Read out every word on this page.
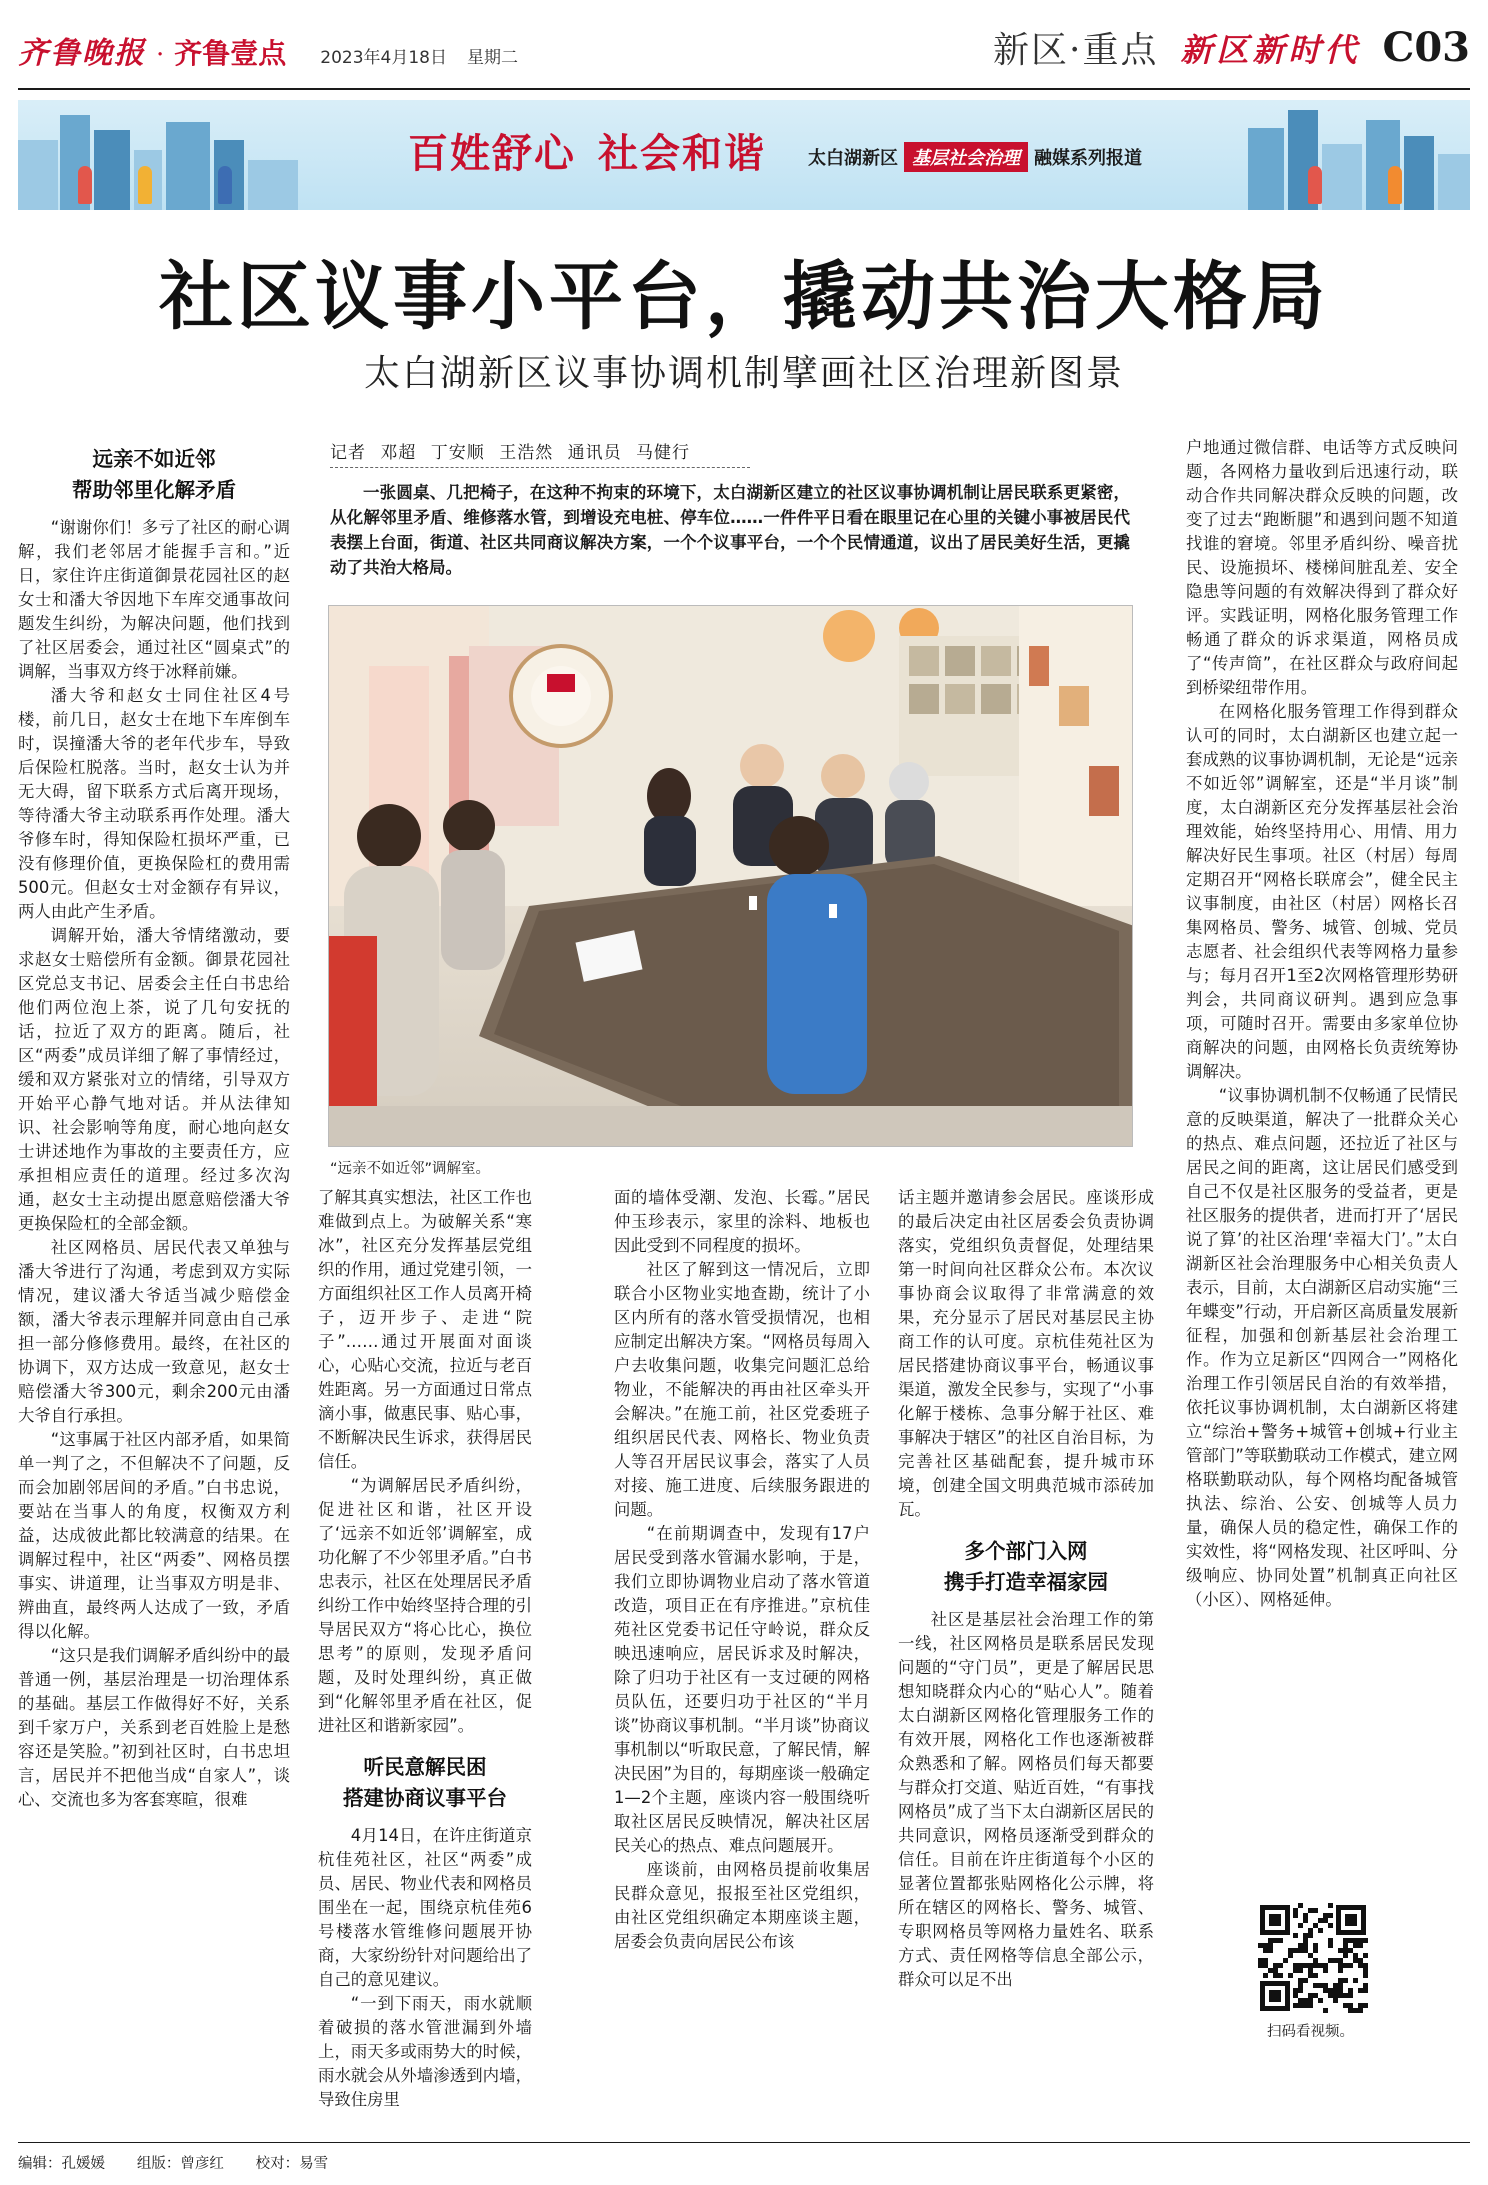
齐鲁晚报 · 齐鲁壹点 2023年4月18日 星期二	新区·重点 新区新时代 C03
百姓舒心 社会和谐 太白湖新区 基层社会治理 融媒系列报道
社区议事小平台，撬动共治大格局
太白湖新区议事协调机制擘画社区治理新图景
远亲不如近邻
帮助邻里化解矛盾

“谢谢你们！多亏了社区的耐心调解，我们老邻居才能握手言和。”近日，家住许庄街道御景花园社区的赵女士和潘大爷因地下车库交通事故问题发生纠纷，为解决问题，他们找到了社区居委会，通过社区“圆桌式”的调解，当事双方终于冰释前嫌。

潘大爷和赵女士同住社区4号楼，前几日，赵女士在地下车库倒车时，误撞潘大爷的老年代步车，导致后保险杠脱落。当时，赵女士认为并无大碍，留下联系方式后离开现场，等待潘大爷主动联系再作处理。潘大爷修车时，得知保险杠损坏严重，已没有修理价值，更换保险杠的费用需500元。但赵女士对金额存有异议，两人由此产生矛盾。

调解开始，潘大爷情绪激动，要求赵女士赔偿所有金额。御景花园社区党总支书记、居委会主任白书忠给他们两位泡上茶，说了几句安抚的话，拉近了双方的距离。随后，社区“两委”成员详细了解了事情经过，缓和双方紧张对立的情绪，引导双方开始平心静气地对话。并从法律知识、社会影响等角度，耐心地向赵女士讲述地作为事故的主要责任方，应承担相应责任的道理。经过多次沟通，赵女士主动提出愿意赔偿潘大爷更换保险杠的全部金额。

社区网格员、居民代表又单独与潘大爷进行了沟通，考虑到双方实际情况，建议潘大爷适当减少赔偿金额，潘大爷表示理解并同意由自己承担一部分修修费用。最终，在社区的协调下，双方达成一致意见，赵女士赔偿潘大爷300元，剩余200元由潘大爷自行承担。

“这事属于社区内部矛盾，如果简单一判了之，不但解决不了问题，反而会加剧邻居间的矛盾。”白书忠说，要站在当事人的角度，权衡双方利益，达成彼此都比较满意的结果。在调解过程中，社区“两委”、网格员摆事实、讲道理，让当事双方明是非、辨曲直，最终两人达成了一致，矛盾得以化解。

“这只是我们调解矛盾纠纷中的最普通一例，基层治理是一切治理体系的基础。基层工作做得好不好，关系到千家万户，关系到老百姓脸上是愁容还是笑脸。”初到社区时，白书忠坦言，居民并不把他当成“自家人”，谈心、交流也多为客套寒暄，很难

记者 邓超 丁安顺 王浩然 通讯员 马健行
一张圆桌、几把椅子，在这种不拘束的环境下，太白湖新区建立的社区议事协调机制让居民联系更紧密，从化解邻里矛盾、维修落水管，到增设充电桩、停车位……一件件平日看在眼里记在心里的关键小事被居民代表摆上台面，街道、社区共同商议解决方案，一个个议事平台，一个个民情通道，议出了居民美好生活，更撬动了共治大格局。
“远亲不如近邻”调解室。

了解其真实想法，社区工作也难做到点上。为破解关系“寒冰”，社区充分发挥基层党组织的作用，通过党建引领，一方面组织社区工作人员离开椅子，迈开步子、走进“院子”……通过开展面对面谈心，心贴心交流，拉近与老百姓距离。另一方面通过日常点滴小事，做惠民事、贴心事，不断解决民生诉求，获得居民信任。

“为调解居民矛盾纠纷，促进社区和谐，社区开设了‘远亲不如近邻’调解室，成功化解了不少邻里矛盾。”白书忠表示，社区在处理居民矛盾纠纷工作中始终坚持合理的引导居民双方“将心比心，换位思考”的原则，发现矛盾问题，及时处理纠纷，真正做到“化解邻里矛盾在社区，促进社区和谐新家园”。

听民意解民困
搭建协商议事平台

4月14日，在许庄街道京杭佳苑社区，社区“两委”成员、居民、物业代表和网格员围坐在一起，围绕京杭佳苑6号楼落水管维修问题展开协商，大家纷纷针对问题给出了自己的意见建议。

“一到下雨天，雨水就顺着破损的落水管泄漏到外墙上，雨天多或雨势大的时候，雨水就会从外墙渗透到内墙，导致住房里

面的墙体受潮、发泡、长霉。”居民仲玉珍表示，家里的涂料、地板也因此受到不同程度的损坏。

社区了解到这一情况后，立即联合小区物业实地查勘，统计了小区内所有的落水管受损情况，也相应制定出解决方案。“网格员每周入户去收集问题，收集完问题汇总给物业，不能解决的再由社区牵头开会解决。”在施工前，社区党委班子组织居民代表、网格长、物业负责人等召开居民议事会，落实了人员对接、施工进度、后续服务跟进的问题。

“在前期调查中，发现有17户居民受到落水管漏水影响，于是，我们立即协调物业启动了落水管道改造，项目正在有序推进。”京杭佳苑社区党委书记任守岭说，群众反映迅速响应，居民诉求及时解决，除了归功于社区有一支过硬的网格员队伍，还要归功于社区的“半月谈”协商议事机制。“半月谈”协商议事机制以“听取民意，了解民情，解决民困”为目的，每期座谈一般确定1—2个主题，座谈内容一般围绕听取社区居民反映情况，解决社区居民关心的热点、难点问题展开。

座谈前，由网格员提前收集居民群众意见，报报至社区党组织，由社区党组织确定本期座谈主题，居委会负责向居民公布该

话主题并邀请参会居民。座谈形成的最后决定由社区居委会负责协调落实，党组织负责督促，处理结果第一时间向社区群众公布。本次议事协商会议取得了非常满意的效果，充分显示了居民对基层民主协商工作的认可度。京杭佳苑社区为居民搭建协商议事平台，畅通议事渠道，激发全民参与，实现了“小事化解于楼栋、急事分解于社区、难事解决于辖区”的社区自治目标，为完善社区基础配套，提升城市环境，创建全国文明典范城市添砖加瓦。

多个部门入网
携手打造幸福家园

社区是基层社会治理工作的第一线，社区网格员是联系居民发现问题的“守门员”，更是了解居民思想知晓群众内心的“贴心人”。随着太白湖新区网格化管理服务工作的有效开展，网格化工作也逐渐被群众熟悉和了解。网格员们每天都要与群众打交道、贴近百姓，“有事找网格员”成了当下太白湖新区居民的共同意识，网格员逐渐受到群众的信任。目前在许庄街道每个小区的显著位置都张贴网格化公示牌，将所在辖区的网格长、警务、城管、专职网格员等网格力量姓名、联系方式、责任网格等信息全部公示，群众可以足不出

户地通过微信群、电话等方式反映问题，各网格力量收到后迅速行动，联动合作共同解决群众反映的问题，改变了过去“跑断腿”和遇到问题不知道找谁的窘境。邻里矛盾纠纷、噪音扰民、设施损坏、楼梯间脏乱差、安全隐患等问题的有效解决得到了群众好评。实践证明，网格化服务管理工作畅通了群众的诉求渠道，网格员成了“传声筒”，在社区群众与政府间起到桥梁纽带作用。

在网格化服务管理工作得到群众认可的同时，太白湖新区也建立起一套成熟的议事协调机制，无论是“远亲不如近邻”调解室，还是“半月谈”制度，太白湖新区充分发挥基层社会治理效能，始终坚持用心、用情、用力解决好民生事项。社区（村居）每周定期召开“网格长联席会”，健全民主议事制度，由社区（村居）网格长召集网格员、警务、城管、创城、党员志愿者、社会组织代表等网格力量参与；每月召开1至2次网格管理形势研判会，共同商议研判。遇到应急事项，可随时召开。需要由多家单位协商解决的问题，由网格长负责统筹协调解决。

“议事协调机制不仅畅通了民情民意的反映渠道，解决了一批群众关心的热点、难点问题，还拉近了社区与居民之间的距离，这让居民们感受到自己不仅是社区服务的受益者，更是社区服务的提供者，进而打开了‘居民说了算’的社区治理‘幸福大门’。”太白湖新区社会治理服务中心相关负责人表示，目前，太白湖新区启动实施“三年蝶变”行动，开启新区高质量发展新征程，加强和创新基层社会治理工作。作为立足新区“四网合一”网格化治理工作引领居民自治的有效举措，依托议事协调机制，太白湖新区将建立“综治+警务+城管+创城+行业主管部门”等联勤联动工作模式，建立网格联勤联动队，每个网格均配备城管执法、综治、公安、创城等人员力量，确保人员的稳定性，确保工作的实效性，将“网格发现、社区呼叫、分级响应、协同处置”机制真正向社区（小区）、网格延伸。

扫码看视频。
编辑：孔媛媛 组版：曾彦红 校对：易雪
